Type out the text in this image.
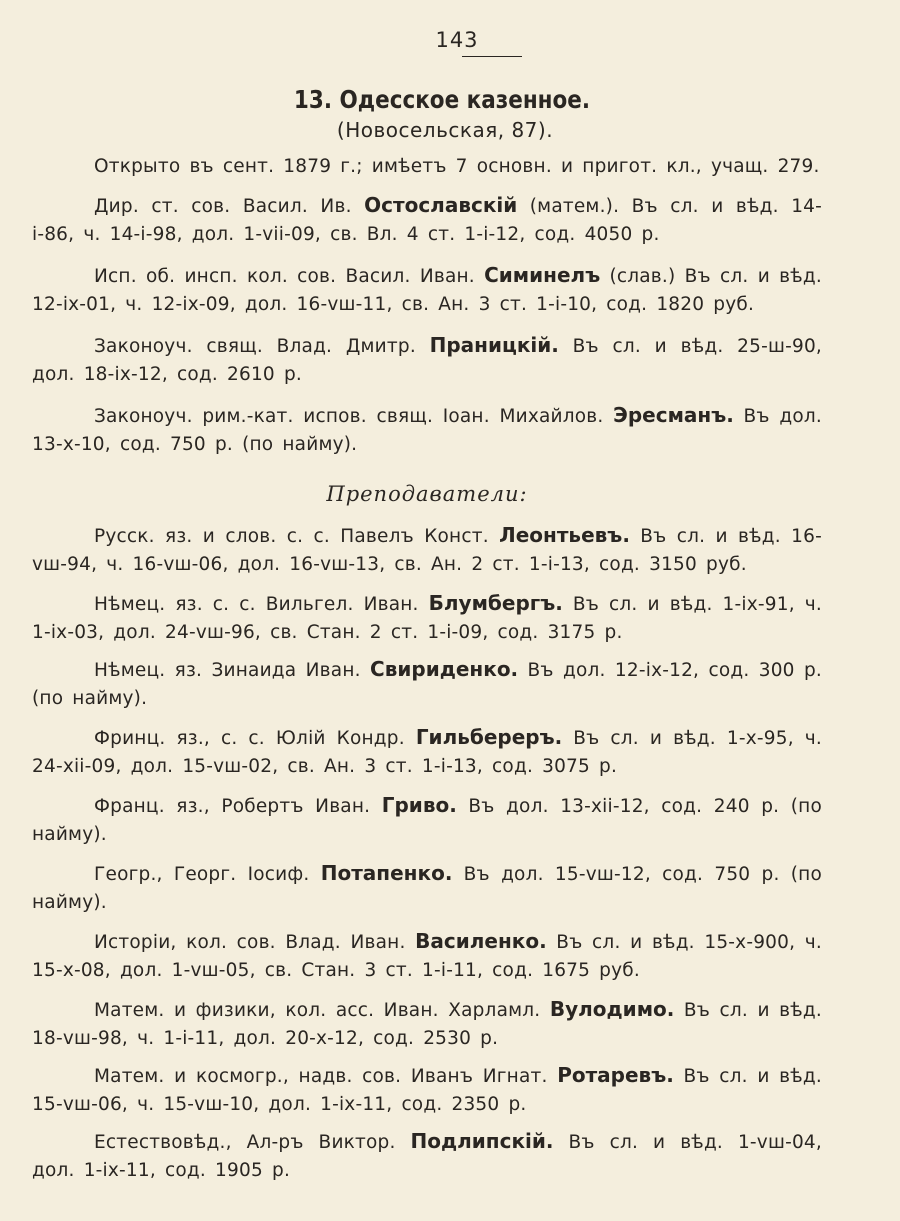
143
13. Одесское казенное.
(Новосельская, 87).

Открыто въ сент. 1879 г.; имѣетъ 7 основн. и пригот. кл., учащ. 279.

Дир. ст. сов. Васил. Ив. Остославскій (матем.). Въ сл. и вѣд. 14-і-86, ч. 14-і-98, дол. 1-vіі-09, св. Вл. 4 ст. 1-і-12, сод. 4050 р.

Исп. об. инсп. кол. сов. Васил. Иван. Симинелъ (слав.) Въ сл. и вѣд. 12-іх-01, ч. 12-іх-09, дол. 16-vш-11, св. Ан. 3 ст. 1-і-10, сод. 1820 руб.

Законоуч. свящ. Влад. Дмитр. Праницкій. Въ сл. и вѣд. 25-ш-90, дол. 18-іх-12, сод. 2610 р.

Законоуч. рим.-кат. испов. свящ. Іоан. Михайлов. Эресманъ. Въ дол. 13-х-10, сод. 750 р. (по найму).

Преподаватели:

Русск. яз. и слов. с. с. Павелъ Конст. Леонтьевъ. Въ сл. и вѣд. 16-vш-94, ч. 16-vш-06, дол. 16-vш-13, св. Ан. 2 ст. 1-і-13, сод. 3150 руб.

Нѣмец. яз. с. с. Вильгел. Иван. Блумбергъ. Въ сл. и вѣд. 1-іх-91, ч. 1-іх-03, дол. 24-vш-96, св. Стан. 2 ст. 1-і-09, сод. 3175 р.

Нѣмец. яз. Зинаида Иван. Свириденко. Въ дол. 12-іх-12, сод. 300 р. (по найму).

Фринц. яз., с. с. Юлій Кондр. Гильбереръ. Въ сл. и вѣд. 1-х-95, ч. 24-хіі-09, дол. 15-vш-02, св. Ан. 3 ст. 1-і-13, сод. 3075 р.

Франц. яз., Робертъ Иван. Гриво. Въ дол. 13-хіі-12, сод. 240 р. (по найму).

Геогр., Георг. Іосиф. Потапенко. Въ дол. 15-vш-12, сод. 750 р. (по найму).

Исторіи, кол. сов. Влад. Иван. Василенко. Въ сл. и вѣд. 15-х-900, ч. 15-х-08, дол. 1-vш-05, св. Стан. 3 ст. 1-і-11, сод. 1675 руб.

Матем. и физики, кол. асс. Иван. Харламл. Вулодимо. Въ сл. и вѣд. 18-vш-98, ч. 1-і-11, дол. 20-х-12, сод. 2530 р.

Матем. и космогр., надв. сов. Иванъ Игнат. Ротаревъ. Въ сл. и вѣд. 15-vш-06, ч. 15-vш-10, дол. 1-іх-11, сод. 2350 р.

Естествовѣд., Ал-ръ Виктор. Подлипскій. Въ сл. и вѣд. 1-vш-04, дол. 1-іх-11, сод. 1905 р.
